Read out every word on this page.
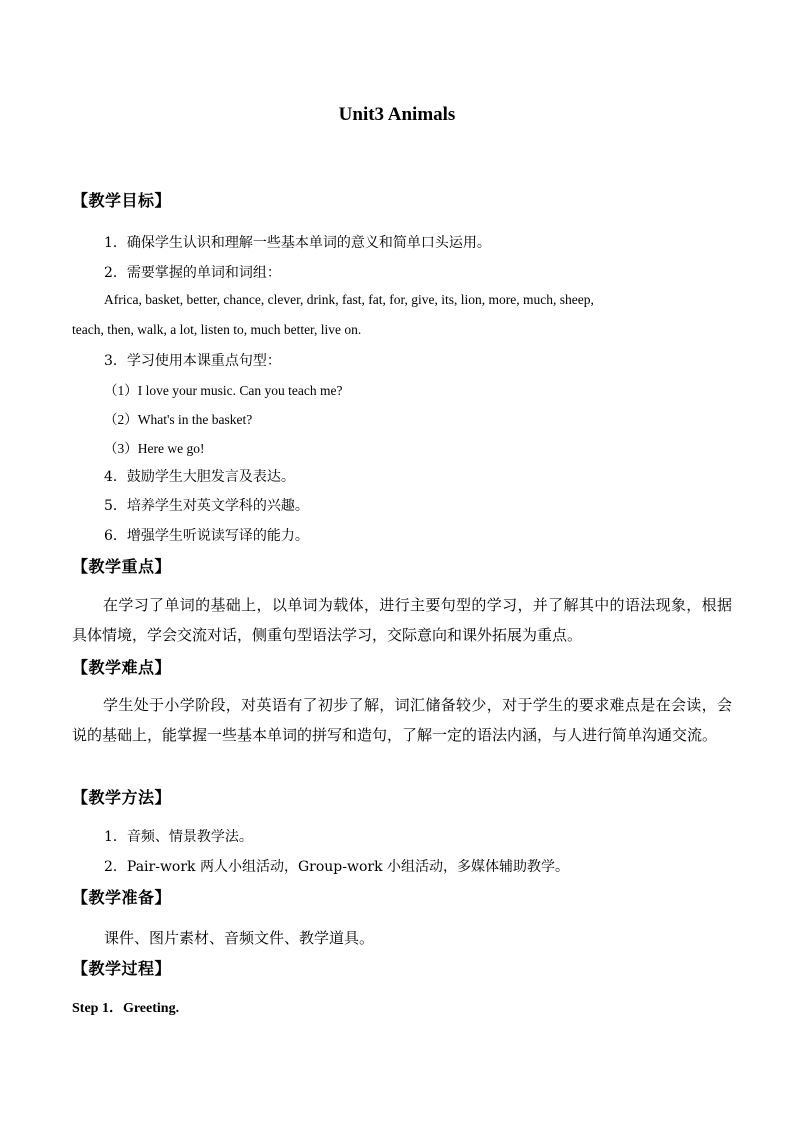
Unit3 Animals
【教学目标】
1．确保学生认识和理解一些基本单词的意义和简单口头运用。
2．需要掌握的单词和词组：
Africa, basket, better, chance, clever, drink, fast, fat, for, give, its, lion, more, much, sheep,
teach, then, walk, a lot, listen to, much better, live on.
3．学习使用本课重点句型：
（1）I love your music. Can you teach me?
（2）What's in the basket?
（3）Here we go!
4．鼓励学生大胆发言及表达。
5．培养学生对英文学科的兴趣。
6．增强学生听说读写译的能力。
【教学重点】
在学习了单词的基础上，以单词为载体，进行主要句型的学习，并了解其中的语法现象，根据具体情境，学会交流对话，侧重句型语法学习，交际意向和课外拓展为重点。
【教学难点】
学生处于小学阶段，对英语有了初步了解，词汇储备较少，对于学生的要求难点是在会读，会说的基础上，能掌握一些基本单词的拼写和造句，了解一定的语法内涵，与人进行简单沟通交流。
【教学方法】
1．音频、情景教学法。
2．Pair-work 两人小组活动，Group-work 小组活动，多媒体辅助教学。
【教学准备】
课件、图片素材、音频文件、教学道具。
【教学过程】
Step 1．Greeting.
